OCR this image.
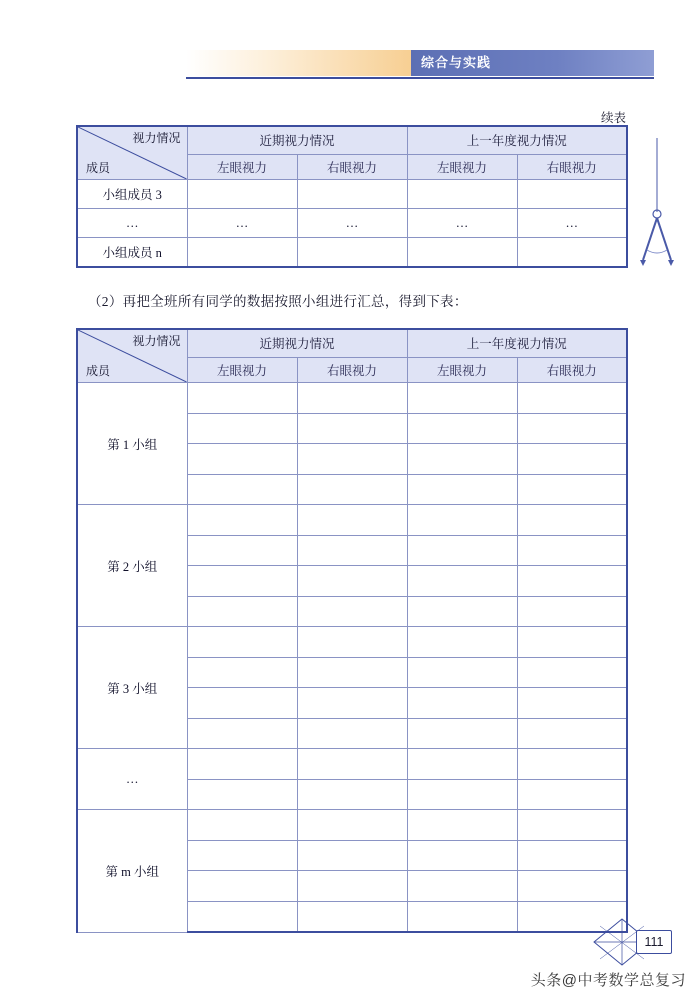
综合与实践
续表
视力情况
成员	近期视力情况		上一年度视力情况	
	左眼视力	右眼视力	左眼视力	右眼视力
小组成员 3				
…	…	…	…	…
小组成员 n				
（2）再把全班所有同学的数据按照小组进行汇总，得到下表：
视力情况
成员	近期视力情况		上一年度视力情况	
	左眼视力	右眼视力	左眼视力	右眼视力
第 1 小组				

第 2 小组				

第 3 小组				

…				

第 m 小组				

111
头条@中考数学总复习
